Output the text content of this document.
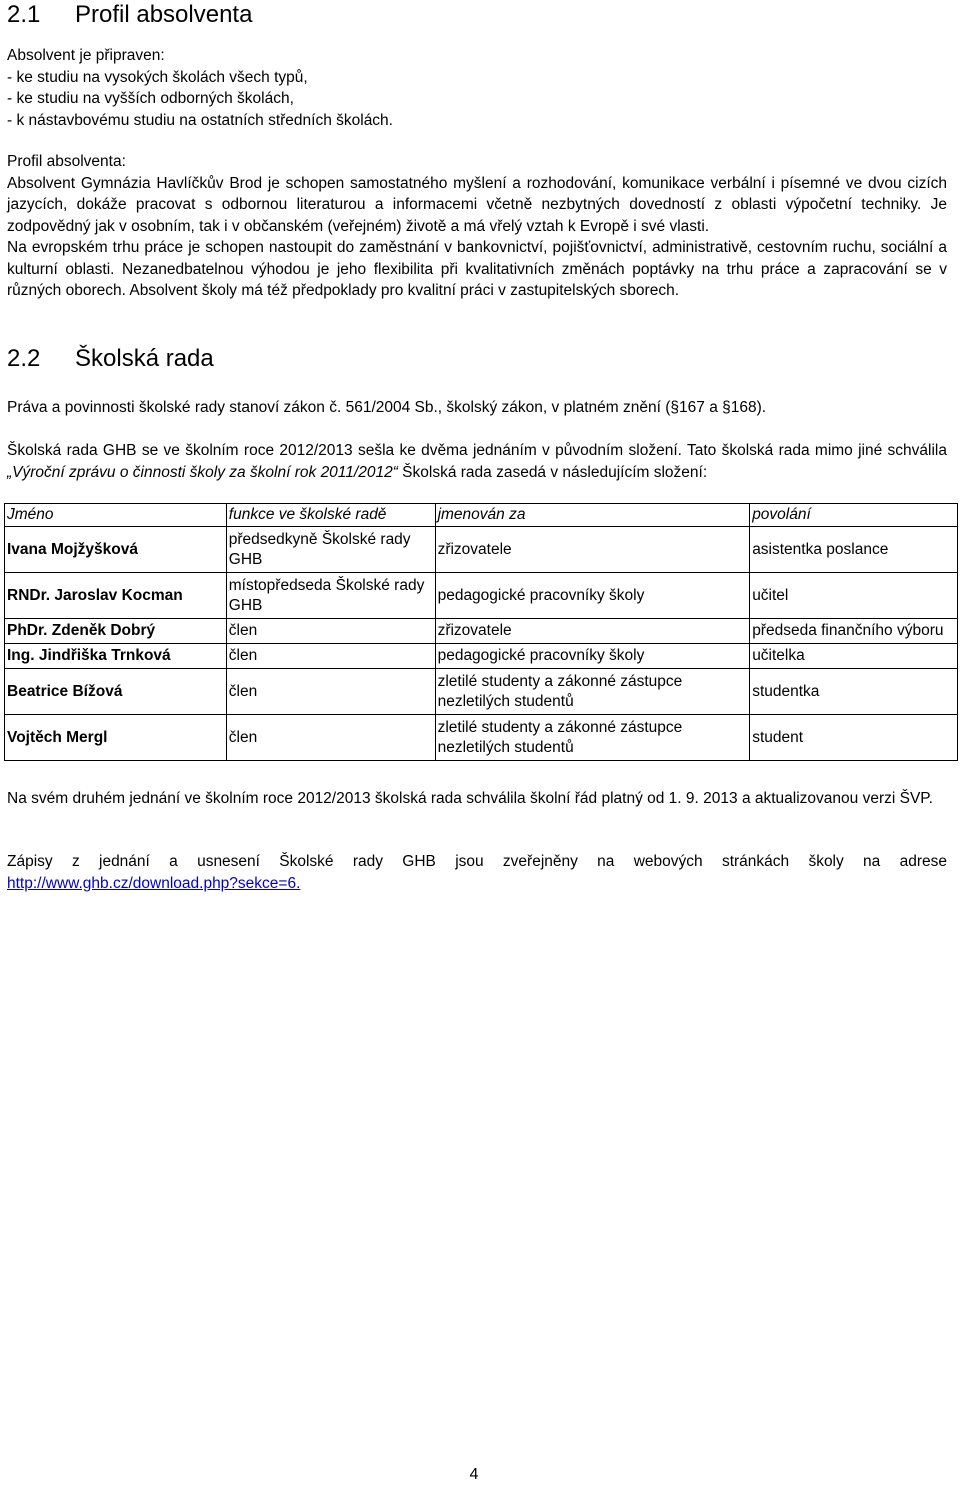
2.1 Profil absolventa
Absolvent je připraven:
- ke studiu na vysokých školách všech typů,
- ke studiu na vyšších odborných školách,
- k nástavbovému studiu na ostatních středních školách.
Profil absolventa:
Absolvent Gymnázia Havlíčkův Brod je schopen samostatného myšlení a rozhodování, komunikace verbální i písemné ve dvou cizích jazycích, dokáže pracovat s odbornou literaturou a informacemi včetně nezbytných dovedností z oblasti výpočetní techniky. Je zodpovědný jak v osobním, tak i v občanském (veřejném) životě a má vřelý vztah k Evropě i své vlasti.
Na evropském trhu práce je schopen nastoupit do zaměstnání v bankovnictví, pojišťovnictví, administrativě, cestovním ruchu, sociální a kulturní oblasti. Nezanedbatelnou výhodou je jeho flexibilita při kvalitativních změnách poptávky na trhu práce a zapracování se v různých oborech. Absolvent školy má též předpoklady pro kvalitní práci v zastupitelských sborech.
2.2 Školská rada
Práva a povinnosti školské rady stanoví zákon č. 561/2004 Sb., školský zákon, v platném znění (§167 a §168).
Školská rada GHB se ve školním roce 2012/2013 sešla ke dvěma jednáním v původním složení. Tato školská rada mimo jiné schválila „Výroční zprávu o činnosti školy za školní rok 2011/2012“ Školská rada zasedá v následujícím složení:
Jméno	funkce ve školské radě	jmenován za	povolání
Ivana Mojžyšková	předsedkyně Školské rady GHB	zřizovatele	asistentka poslance
RNDr. Jaroslav Kocman	místopředseda Školské rady GHB	pedagogické pracovníky školy	učitel
PhDr. Zdeněk Dobrý	člen	zřizovatele	předseda finančního výboru
Ing. Jindřiška Trnková	člen	pedagogické pracovníky školy	učitelka
Beatrice Bížová	člen	zletilé studenty a zákonné zástupce nezletilých studentů	studentka
Vojtěch Mergl	člen	zletilé studenty a zákonné zástupce nezletilých studentů	student
Na svém druhém jednání ve školním roce 2012/2013 školská rada schválila školní řád platný od 1. 9. 2013 a aktualizovanou verzi ŠVP.
Zápisy z jednání a usnesení Školské rady GHB jsou zveřejněny na webových stránkách školy na adrese
http://www.ghb.cz/download.php?sekce=6.
4
